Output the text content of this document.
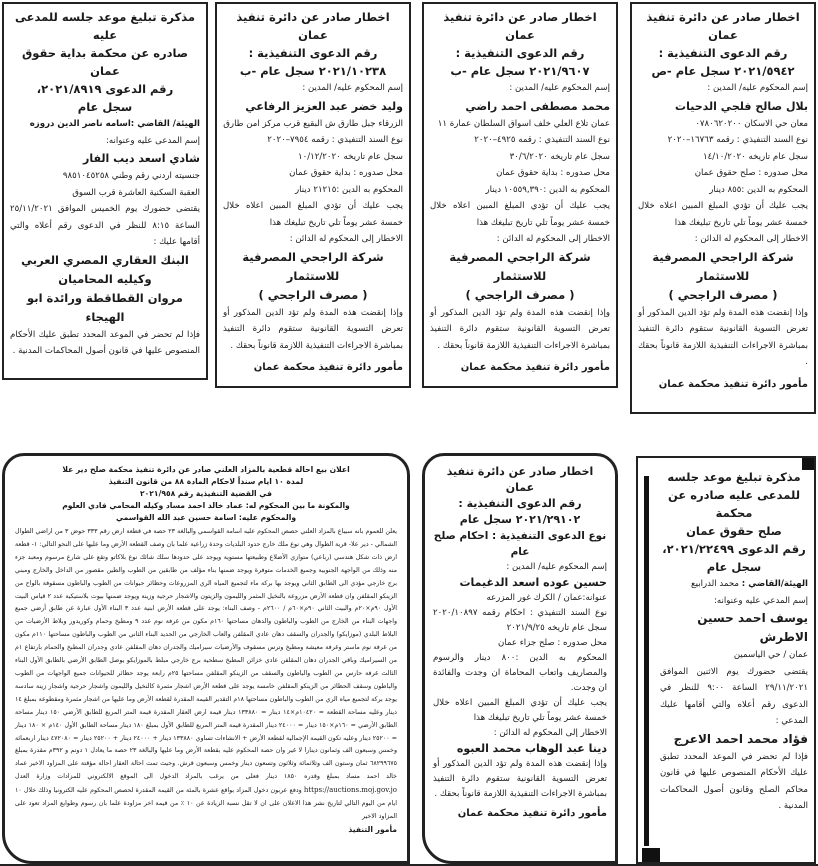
اخطار صادر عن دائرة تنفيذ عمان
رقم الدعوى التنفيذية :
٢٠٢١/٥٩٤٢ سجل عام -ص
إسم المحكوم عليه/ المدين :
بلال صالح فلجي الدحيات
معان حي الاسكان ٠٧٨٠٦٢٠٢٠٠
نوع السند التنفيذي : رقمه ١٦٧٦٣–٢٠٢٠
سجل عام تاريخه ١٤/١٠/٢٠٢٠
محل صدوره : صلح حقوق عمان
المحكوم به الدين :٨٥٥ دينار
يجب عليك أن تؤدي المبلغ المبين اعلاه خلال خمسة عشر يوماً تلي تاريخ تبليغك هذا
الاخطار إلى المحكوم له الدائن :
شركة الراجحي المصرفية للاستثمار
( مصرف الراجحي )
وإذا إنقضت هذه المدة ولم تؤد الدين المذكور أو تعرض التسوية القانونية ستقوم دائرة التنفيذ بمباشرة الاجراءات التنفيذية اللازمة قانوناً بحقك .
مأمور دائرة تنفيذ محكمة عمان
اخطار صادر عن دائرة تنفيذ عمان
رقم الدعوى التنفيذية :
٢٠٢١/٩٦٠٧ سجل عام -ب
إسم المحكوم عليه/ المدين :
محمد مصطفى احمد راضي
عمان تلاع العلي خلف اسواق السلطان عمارة ١١
نوع السند التنفيذي : رقمه ٤٩٢٥–٢٠٢٠
سجل عام تاريخه ٣٠/٦/٢٠٢٠
محل صدوره : بداية حقوق عمان
المحكوم به الدين :١٠٥٥٩,٣٩٠ دينار
يجب عليك أن تؤدي المبلغ المبين اعلاه خلال خمسة عشر يوماً تلي تاريخ تبليغك هذا
الاخطار إلى المحكوم له الدائن :
شركة الراجحي المصرفية للاستثمار
( مصرف الراجحي )
وإذا إنقضت هذه المدة ولم تؤد الدين المذكور أو تعرض التسوية القانونية ستقوم دائرة التنفيذ بمباشرة الاجراءات التنفيذية اللازمة قانوناً بحقك .
مأمور دائرة تنفيذ محكمة عمان
اخطار صادر عن دائرة تنفيذ عمان
رقم الدعوى التنفيذية :
٢٠٢١/١٠٢٣٨ سجل عام -ب
إسم المحكوم عليه/ المدين :
وليد خضر عبد العزيز الرفاعي
الزرقاء جبل طارق ش البقيع قرب مركز امن طارق
نوع السند التنفيذي : رقمه ٧٩٥٤–٢٠٢٠
سجل عام تاريخه ١٠/١٢/٢٠٢٠
محل صدوره : بداية حقوق عمان
المحكوم به الدين :٢١٢١٥ دينار
يجب عليك أن تؤدي المبلغ المبين اعلاه خلال خمسة عشر يوماً تلي تاريخ تبليغك هذا
الاخطار إلى المحكوم له الدائن :
شركة الراجحي المصرفية للاستثمار
( مصرف الراجحي )
وإذا إنقضت هذه المدة ولم تؤد الدين المذكور أو تعرض التسوية القانونية ستقوم دائرة التنفيذ بمباشرة الاجراءات التنفيذية اللازمة قانوناً بحقك .
مأمور دائرة تنفيذ محكمة عمان
مذكرة تبليغ موعد جلسه للمدعى عليه
صادره عن محكمة بداية حقوق عمان
رقم الدعوى ٢٠٢١/٨٩١٩،
سجل عام
الهيئة/ القاضي :اسامه ناصر الدين دروزه
إسم المدعى عليه وعنوانه:
شادي اسعد ديب الفار
جنسيته اردني رقم وطني ٩٨٥١٠٤٥٢٥٨
العقبة السكنية العاشرة قرب السوق
يقتضى حضورك يوم الخميس الموافق ٢٥/١١/٢٠٢١ الساعة ٨:١٥ للنظر في الدعوى رقم أعلاه والتي أقامها عليك :
البنك العقاري المصري العربي
وكيليه المحاميان
مروان القطاقطة ورائدة ابو الهيجاء
فإذا لم تحضر في الموعد المحدد تطبق عليك الأحكام المنصوص عليها في قانون أصول المحاكمات المدنية .
مذكرة تبليغ موعد جلسه
للمدعى عليه صادره عن محكمة
صلح حقوق عمان
رقم الدعوى ٢٠٢١/٢٢٤٩٩،
سجل عام
الهيئة/القاضي : محمد الدرابيع
إسم المدعي عليه وعنوانه:
يوسف احمد حسين الاطرش
عمان / حي الياسمين
يقتضى حضورك يوم الاثنين الموافق ٢٩/١١/٢٠٢١ الساعة ٩:٠٠ للنظر في الدعوى رقم أعلاه والتي أقامها عليك المدعي :
فؤاد محمد احمد الاعرج
فإذا لم تحضر في الموعد المحدد تطبق عليك الأحكام المنصوص عليها في قانون محاكم الصلح وقانون أصول المحاكمات المدنية .
اخطار صادر عن دائرة تنفيذ عمان
رقم الدعوى التنفيذية :
٢٠٢١/٢٩١٠٢ سجل عام
نوع الدعوى التنفيذية : احكام صلح عام
إسم المحكوم عليه/ المدين :
حسين عوده اسعد الدغيمات
عنوانه:عمان / الكرك غور المزرعه
نوع السند التنفيذي : احكام رقمه ٢٠٢٠/١٠٨٩٧ سجل عام تاريخه ٢٠٢١/٩/٢٥
محل صدوره : صلح جزاء عمان
المحكوم به الدين :٨٠٠ دينار والرسوم والمصاريف واتعاب المحاماة ان وجدت والفائدة ان وجدت.
يجب عليك أن تؤدي المبلغ المبين اعلاه خلال خمسة عشر يوماً تلي تاريخ تبليغك هذا
الاخطار إلى المحكوم له الدائن :
دينا عبد الوهاب محمد العبوه
وإذا إنقضت هذه المدة ولم تؤد الدين المذكور أو تعرض التسوية القانونية ستقوم دائرة التنفيذ بمباشرة الاجراءات التنفيذية اللازمة قانوناً بحقك .
مأمور دائرة تنفيذ محكمة عمان
اعلان بيع احالة قطعية بالمزاد العلني صادر عن دائرة تنفيذ محكمة صلح دير علا
لمدة ١٠ ايام سنداً لاحكام المادة ٨٨ من قانون التنفيذ
في القضية التنفيذية رقم ٢٠٢١/٩٥٨
والمكونة ما بين المحكوم له: عماد خالد احمد مساد وكيله المحامي فادي العلوم
والمحكوم عليه: اسامة حسين عبد الله القواسمي
يعلن للعموم بانه سيباع بالمزاد العلني حصص المحكوم عليه اسامة القواسمي والبالغة ٢٣ حصة في قطعة ارض رقم ٣٣٣ حوض ٣ من اراضي الطوال الشمالي - دير علا- قرية الطوال وهي نوع ملك خارج حدود البلديات وحدة زراعية علما بان وصف القطعة الأرض وما عليها على النحو التالي: ١- قطعة ارض ذات شكل هندسي (رباعي) متوازي الأضلاع وطبيعتها مستوية ويوجد على حدودها سلك شائك نوع بلاكاتو وتقع على شارع مرسوم ومعبد جزء منه وذلك من الواجهة الجنوبية وجميع الخدمات متوفرة ويوجد ضمنها بناء مؤلف من طابقين من الطوب والطين مقصور من الداخل والخارج ومبني برج خارجي مؤدي الى الطابق الثاني ويوجد بها بركة ماء لتجميع المياه الري المزروعات وحظائر حيوانات من الطوب والباطون مسقوفة بالواح من الزينكو المقلفن وان قطعة الأرض مزروعة بالنخيل المثمر والليمون والزيتون والاشجار حرجية وزينة ويوجد ضمنها بيوت بلاستيكية عدد ٢ قياس البيت الأول ٩٠م×٢٠م والبيت الثاني ٩٠م×٦٠م / ٢٦٠٠م - وصف البناء: يوجد على قطعة الأرض ابنية عدد ٣ البناء الأول عبارة عن طابق أرضي جميع واجهات البناء من الخارج من الطوب والباطون والدهان مساحتها ١٦٠م مكون من غرفة نوم عدد ٩ ومطبخ وحمام وكوريدور وبلاط الأرضيات من البلاط البلدي (موزايكو) والجدران والسقف دهان عادي المقلفن والعاب الخارجي من الحديد البناء الثاني من الطوب والباطون مساحتها ١١٠م مكون من غرفة نوم ماستر وغرفة معيشة ومطبخ وترس مسقوف والأرضيات سيراميك والجدران دهان المقلفن عادي وجدران المطبخ والحمام بارتفاع ١م من السيراميك وباقي الجدران دهان المقلفن عادي خزائن المطبخ سطحية برج خارجي مبلط بالموزايكو يوصل الطابق الأرضي بالطابق الأول البناء الثالث غرفة حارس من الطوب والباطون والسقف من الزينكو المقلفن مساحتها ٢٥م رابعة يوجد حظائر للحيوانات جميع الواجهات من الطوب والباطون وسقف الحظائر من الزينكو المقلفن خامسة يوجد على قطعة الأرض اشجار مثمرة كالنخيل والليمون واشجار حرجية واشجار زينة سادسة يوجد بركة لتجميع مياه الري من الطوب والباطون مساحتها ١٨م التقدير القيمة المقدرة لقطعة الأرض وما عليها من اشجار مثمرة ومقطوعة بمبلغ ١٤ دينار وعليه مساحة القطعة = ١٠٤٢٠م×١٤ دينار = ١٣٣٨٨٠ دينار قيمة ارض العقار المقدرة قيمة المتر المربع للطابق الأرضي ١٥٠ دينار مساحة الطابق الأرضي = ١٦٠م×١٥٠ دينار = ٢٤٠٠٠ دينار المقدرة قيمة المتر المربع للطابق الأول بمبلغ ١٨٠ دينار مساحة الطابق الأول ١٤٠م × ١٨٠ دينار = ٢٥٢٠٠ دينار وعليه تكون القيمة الإجمالية لقطعة الأرض + الانشاءات تساوي ١٣٣٨٨٠ دينار + ٢٤٠٠٠ دينار + ٢٥٢٠٠ دينار = ٤٧٢٠٨٠ دينار اربعمائة وخمس وسبعون الف وثمانون دينارا لا غير وان حصة المحكوم عليه بقطعة الأرض وما عليها والبالغة ٢٣ حصة ما يعادل ١ دونم و ٣٩٢م مقدرة بمبلغ ٦٨٢٩٩٦٧٥ ثمان وستون الف وثلاثمائة وثلاثون وتسعون دينار وخمس وسبعون قرش. وحيث تمت احالة العقار احالة مؤقتة على المزاود الاخير عماد خالد احمد مساد بمبلغ وقدره ١٨٥٠ دينار فعلى من يرغب بالمزاد الدخول الى الموقع الالكتروني للمزادات وزارة العدل https://auctions.moj.gov.jo ودفع عربون دخول المزاد بواقع عشرة بالمئة من القيمة المقدرة لحصص المحكوم عليه الكترونيا وذلك خلال ١٠ ايام من اليوم التالي لتاريخ نشر هذا الاعلان على ان لا تقل نسبة الزيادة عن ١٠ ٪ من قيمة اخر مزاودة علما بان رسوم وطوابع المزاد تعود على المزاود الاخير
مأمور التنفيذ
